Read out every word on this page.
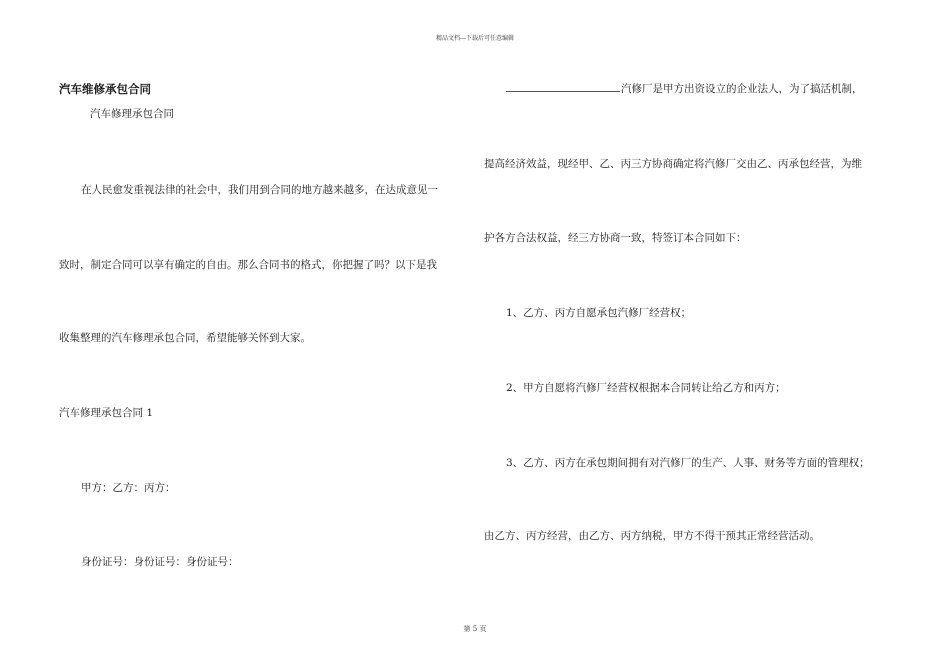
精品文档---下载后可任意编辑
汽车维修承包合同
汽车修理承包合同
在人民愈发重视法律的社会中，我们用到合同的地方越来越多，在达成意见一
致时，制定合同可以享有确定的自由。那么合同书的格式，你把握了吗？以下是我
收集整理的汽车修理承包合同，希望能够关怀到大家。
汽车修理承包合同 1
甲方：乙方：丙方：
身份证号：身份证号：身份证号：
汽修厂是甲方出资设立的企业法人，为了搞活机制，
提高经济效益，现经甲、乙、丙三方协商确定将汽修厂交由乙、丙承包经营，为维
护各方合法权益，经三方协商一致，特签订本合同如下：
1、乙方、丙方自愿承包汽修厂经营权；
2、甲方自愿将汽修厂经营权根据本合同转让给乙方和丙方；
3、乙方、丙方在承包期间拥有对汽修厂的生产、人事、财务等方面的管理权；
由乙方、丙方经营，由乙方、丙方纳税，甲方不得干预其正常经营活动。
第 5 页
